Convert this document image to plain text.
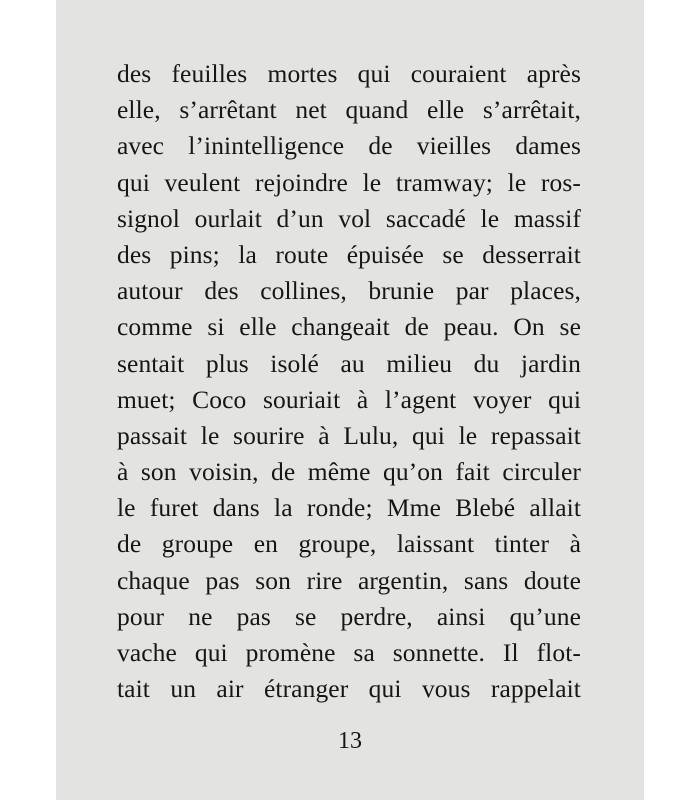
des feuilles mortes qui couraient après
elle, s’arrêtant net quand elle s’arrêtait,
avec l’inintelligence de vieilles dames
qui veulent rejoindre le tramway; le ros-
signol ourlait d’un vol saccadé le massif
des pins; la route épuisée se desserrait
autour des collines, brunie par places,
comme si elle changeait de peau. On se
sentait plus isolé au milieu du jardin
muet; Coco souriait à l’agent voyer qui
passait le sourire à Lulu, qui le repassait
à son voisin, de même qu’on fait circuler
le furet dans la ronde; Mme Blebé allait
de groupe en groupe, laissant tinter à
chaque pas son rire argentin, sans doute
pour ne pas se perdre, ainsi qu’une
vache qui promène sa sonnette. Il flot-
tait un air étranger qui vous rappelait
13
